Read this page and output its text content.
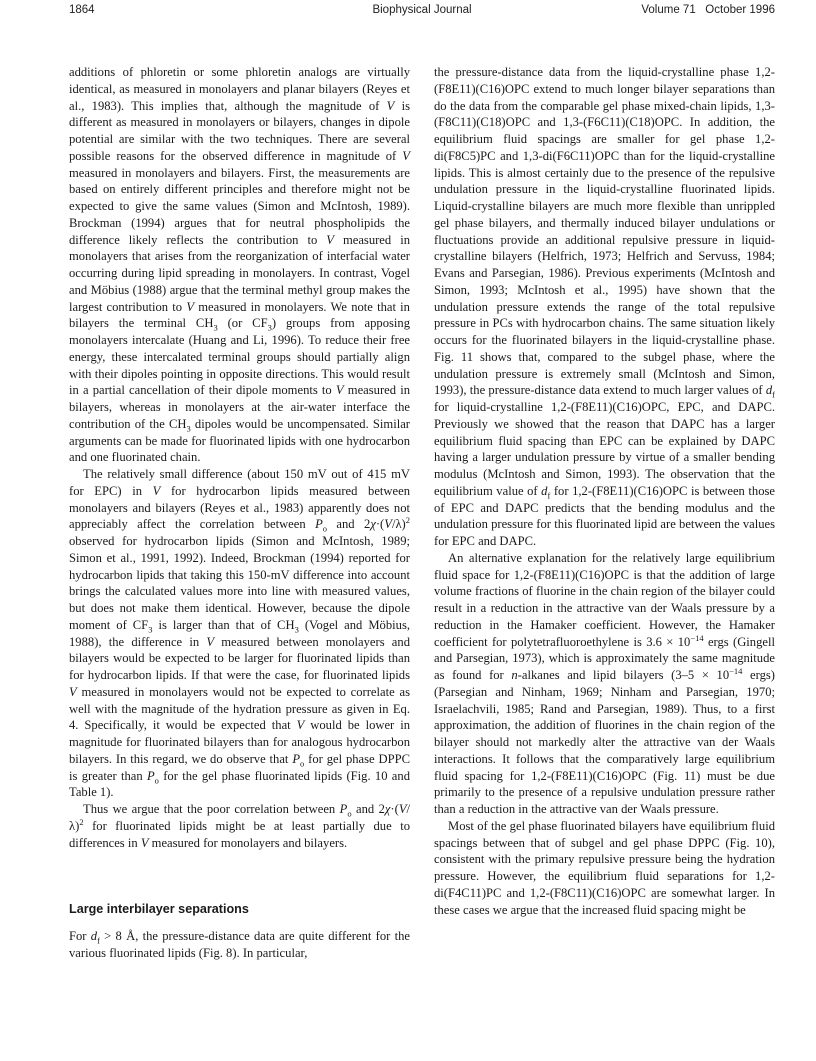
1864	Biophysical Journal	Volume 71   October 1996

additions of phloretin or some phloretin analogs are virtually identical, as measured in monolayers and planar bilayers (Reyes et al., 1983). This implies that, although the magnitude of V is different as measured in monolayers or bilayers, changes in dipole potential are similar with the two techniques. There are several possible reasons for the observed difference in magnitude of V measured in monolayers and bilayers. First, the measurements are based on entirely different principles and therefore might not be expected to give the same values (Simon and McIntosh, 1989). Brockman (1994) argues that for neutral phospholipids the difference likely reflects the contribution to V measured in monolayers that arises from the reorganization of interfacial water occurring during lipid spreading in monolayers. In contrast, Vogel and Möbius (1988) argue that the terminal methyl group makes the largest contribution to V measured in monolayers. We note that in bilayers the terminal $CH_3$ (or $CF_3$) groups from apposing monolayers intercalate (Huang and Li, 1996). To reduce their free energy, these intercalated terminal groups should partially align with their dipoles pointing in opposite directions. This would result in a partial cancellation of their dipole moments to V measured in bilayers, whereas in monolayers at the air-water interface the contribution of the $CH_3$ dipoles would be uncompensated. Similar arguments can be made for fluorinated lipids with one hydrocarbon and one fluorinated chain.

The relatively small difference (about 150 mV out of 415 mV for EPC) in V for hydrocarbon lipids measured between monolayers and bilayers (Reyes et al., 1983) apparently does not appreciably affect the correlation between $P_o$ and $2\chi\cdot(V/\lambda)^2$ observed for hydrocarbon lipids (Simon and McIntosh, 1989; Simon et al., 1991, 1992). Indeed, Brockman (1994) reported for hydrocarbon lipids that taking this 150-mV difference into account brings the calculated values more into line with measured values, but does not make them identical. However, because the dipole moment of $CF_3$ is larger than that of $CH_3$ (Vogel and Möbius, 1988), the difference in V measured between monolayers and bilayers would be expected to be larger for fluorinated lipids than for hydrocarbon lipids. If that were the case, for fluorinated lipids V measured in monolayers would not be expected to correlate as well with the magnitude of the hydration pressure as given in Eq. 4. Specifically, it would be expected that V would be lower in magnitude for fluorinated bilayers than for analogous hydrocarbon bilayers. In this regard, we do observe that $P_o$ for gel phase DPPC is greater than $P_o$ for the gel phase fluorinated lipids (Fig. 10 and Table 1).

Thus we argue that the poor correlation between $P_o$ and $2\chi\cdot(V/\lambda)^2$ for fluorinated lipids might be at least partially due to differences in V measured for monolayers and bilayers.

Large interbilayer separations

For $d_f > 8$ Å, the pressure-distance data are quite different for the various fluorinated lipids (Fig. 8). In particular,

the pressure-distance data from the liquid-crystalline phase 1,2-(F8E11)(C16)OPC extend to much longer bilayer separations than do the data from the comparable gel phase mixed-chain lipids, 1,3-(F8C11)(C18)OPC and 1,3-(F6C11)(C18)OPC. In addition, the equilibrium fluid spacings are smaller for gel phase 1,2-di(F8C5)PC and 1,3-di(F6C11)OPC than for the liquid-crystalline lipids. This is almost certainly due to the presence of the repulsive undulation pressure in the liquid-crystalline fluorinated lipids. Liquid-crystalline bilayers are much more flexible than unrippled gel phase bilayers, and thermally induced bilayer undulations or fluctuations provide an additional repulsive pressure in liquid-crystalline bilayers (Helfrich, 1973; Helfrich and Servuss, 1984; Evans and Parsegian, 1986). Previous experiments (McIntosh and Simon, 1993; McIntosh et al., 1995) have shown that the undulation pressure extends the range of the total repulsive pressure in PCs with hydrocarbon chains. The same situation likely occurs for the fluorinated bilayers in the liquid-crystalline phase. Fig. 11 shows that, compared to the subgel phase, where the undulation pressure is extremely small (McIntosh and Simon, 1993), the pressure-distance data extend to much larger values of $d_f$ for liquid-crystalline 1,2-(F8E11)(C16)OPC, EPC, and DAPC. Previously we showed that the reason that DAPC has a larger equilibrium fluid spacing than EPC can be explained by DAPC having a larger undulation pressure by virtue of a smaller bending modulus (McIntosh and Simon, 1993). The observation that the equilibrium value of $d_f$ for 1,2-(F8E11)(C16)OPC is between those of EPC and DAPC predicts that the bending modulus and the undulation pressure for this fluorinated lipid are between the values for EPC and DAPC.

An alternative explanation for the relatively large equilibrium fluid space for 1,2-(F8E11)(C16)OPC is that the addition of large volume fractions of fluorine in the chain region of the bilayer could result in a reduction in the attractive van der Waals pressure by a reduction in the Hamaker coefficient. However, the Hamaker coefficient for polytetrafluoroethylene is $3.6 \times 10^{-14}$ ergs (Gingell and Parsegian, 1973), which is approximately the same magnitude as found for n-alkanes and lipid bilayers ($3-5 \times 10^{-14}$ ergs) (Parsegian and Ninham, 1969; Ninham and Parsegian, 1970; Israelachvili, 1985; Rand and Parsegian, 1989). Thus, to a first approximation, the addition of fluorines in the chain region of the bilayer should not markedly alter the attractive van der Waals interactions. It follows that the comparatively large equilibrium fluid spacing for 1,2-(F8E11)(C16)OPC (Fig. 11) must be due primarily to the presence of a repulsive undulation pressure rather than a reduction in the attractive van der Waals pressure.

Most of the gel phase fluorinated bilayers have equilibrium fluid spacings between that of subgel and gel phase DPPC (Fig. 10), consistent with the primary repulsive pressure being the hydration pressure. However, the equilibrium fluid separations for 1,2-di(F4C11)PC and 1,2-(F8C11)(C16)OPC are somewhat larger. In these cases we argue that the increased fluid spacing might be
